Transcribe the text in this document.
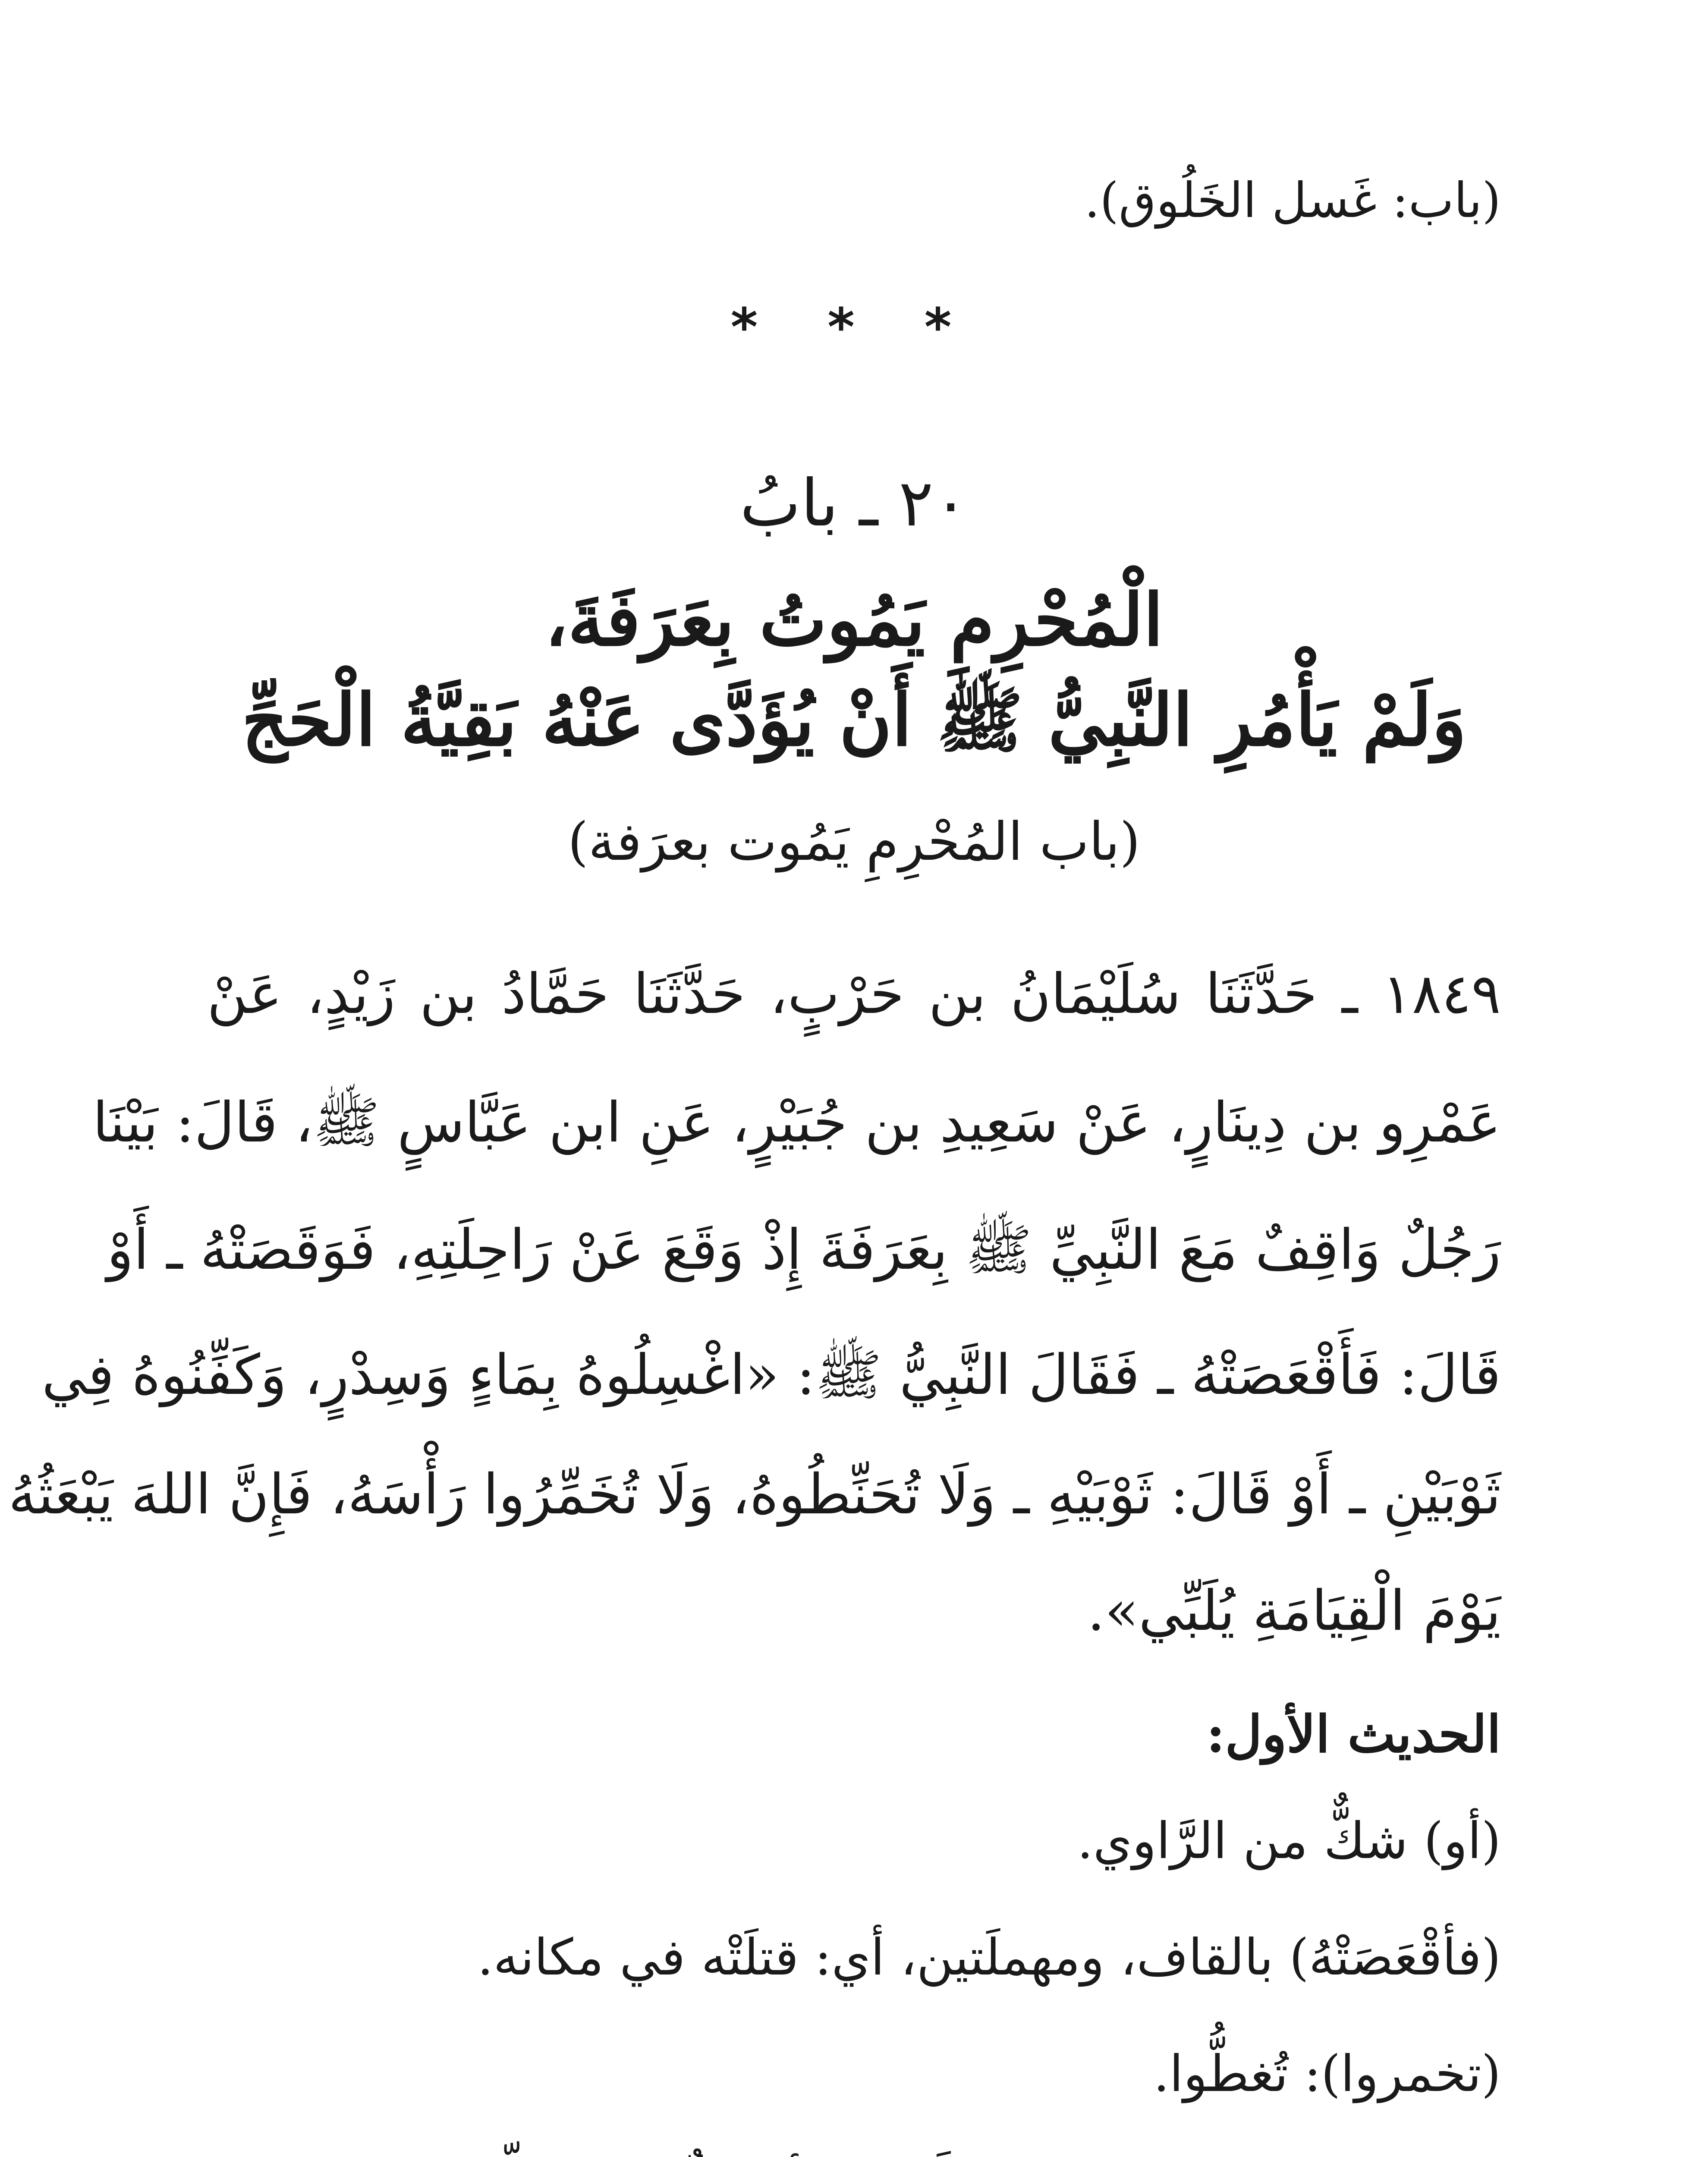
(باب: غَسل الخَلُوق).
* * *
٢٠ ـ بابُ
الْمُحْرِمِ يَمُوتُ بِعَرَفَةَ،
وَلَمْ يَأْمُرِ النَّبِيُّ ﷺ أَنْ يُؤَدَّى عَنْهُ بَقِيَّةُ الْحَجِّ
(باب المُحْرِمِ يَمُوت بعرَفة)
١٨٤٩ ـ حَدَّثَنَا سُلَيْمَانُ بن حَرْبٍ، حَدَّثَنَا حَمَّادُ بن زَيْدٍ، عَنْ
عَمْرِو بن دِينَارٍ، عَنْ سَعِيدِ بن جُبَيْرٍ، عَنِ ابن عَبَّاسٍ ﷺ، قَالَ: بَيْنَا
رَجُلٌ وَاقِفٌ مَعَ النَّبِيِّ ﷺ بِعَرَفَةَ إِذْ وَقَعَ عَنْ رَاحِلَتِهِ، فَوَقَصَتْهُ ـ أَوْ
قَالَ: فَأَقْعَصَتْهُ ـ فَقَالَ النَّبِيُّ ﷺ: «اغْسِلُوهُ بِمَاءٍ وَسِدْرٍ، وَكَفِّنُوهُ فِي
ثَوْبَيْنِ ـ أَوْ قَالَ: ثَوْبَيْهِ ـ وَلَا تُحَنِّطُوهُ، وَلَا تُخَمِّرُوا رَأْسَهُ، فَإِنَّ اللهَ يَبْعَثُهُ
يَوْمَ الْقِيَامَةِ يُلَبِّي».
الحديث الأول:
(أو) شكٌّ من الرَّاوي.
(فأقْعَصَتْهُ) بالقاف، ومهملَتين، أي: قتلَتْه في مكانه.
(تخمروا): تُغطُّوا.
